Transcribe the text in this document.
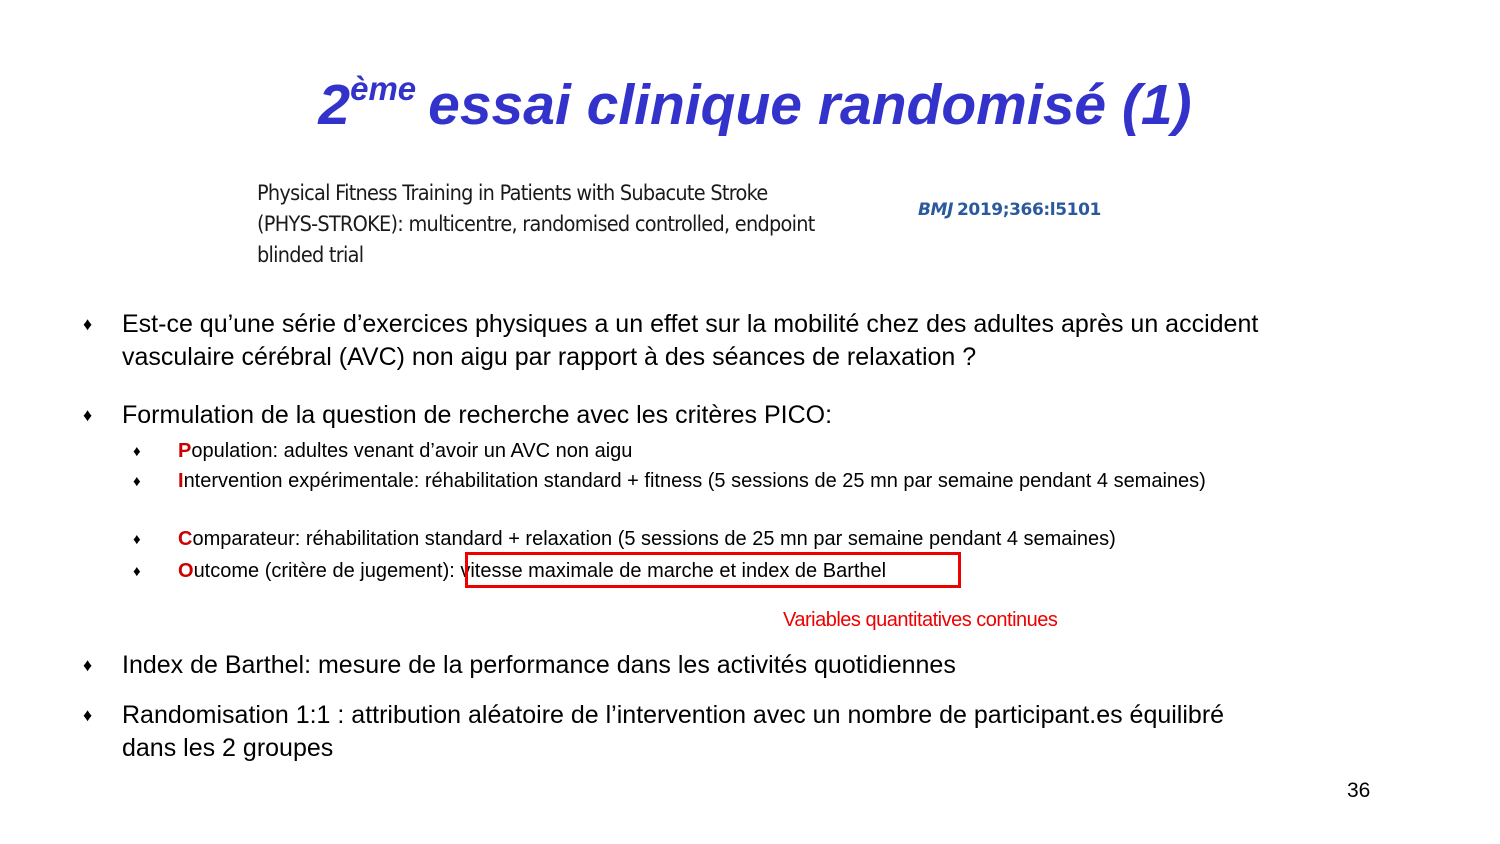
2ème essai clinique randomisé (1)
Physical Fitness Training in Patients with Subacute Stroke
(PHYS-STROKE): multicentre, randomised controlled, endpoint
blinded trial
BMJ 2019;366:l5101
♦ Est-ce qu’une série d’exercices physiques a un effet sur la mobilité chez des adultes après un accident vasculaire cérébral (AVC) non aigu par rapport à des séances de relaxation ?
♦ Formulation de la question de recherche avec les critères PICO:
♦	Population: adultes venant d’avoir un AVC non aigu
♦	Intervention expérimentale: réhabilitation standard + fitness (5 sessions de 25 mn par semaine pendant 4 semaines)
♦	Comparateur: réhabilitation standard + relaxation (5 sessions de 25 mn par semaine pendant 4 semaines)
♦	Outcome (critère de jugement): vitesse maximale de marche et index de Barthel
Variables quantitatives continues
♦ Index de Barthel: mesure de la performance dans les activités quotidiennes
♦ Randomisation 1:1 : attribution aléatoire de l’intervention avec un nombre de participant.es équilibré dans les 2 groupes
36
